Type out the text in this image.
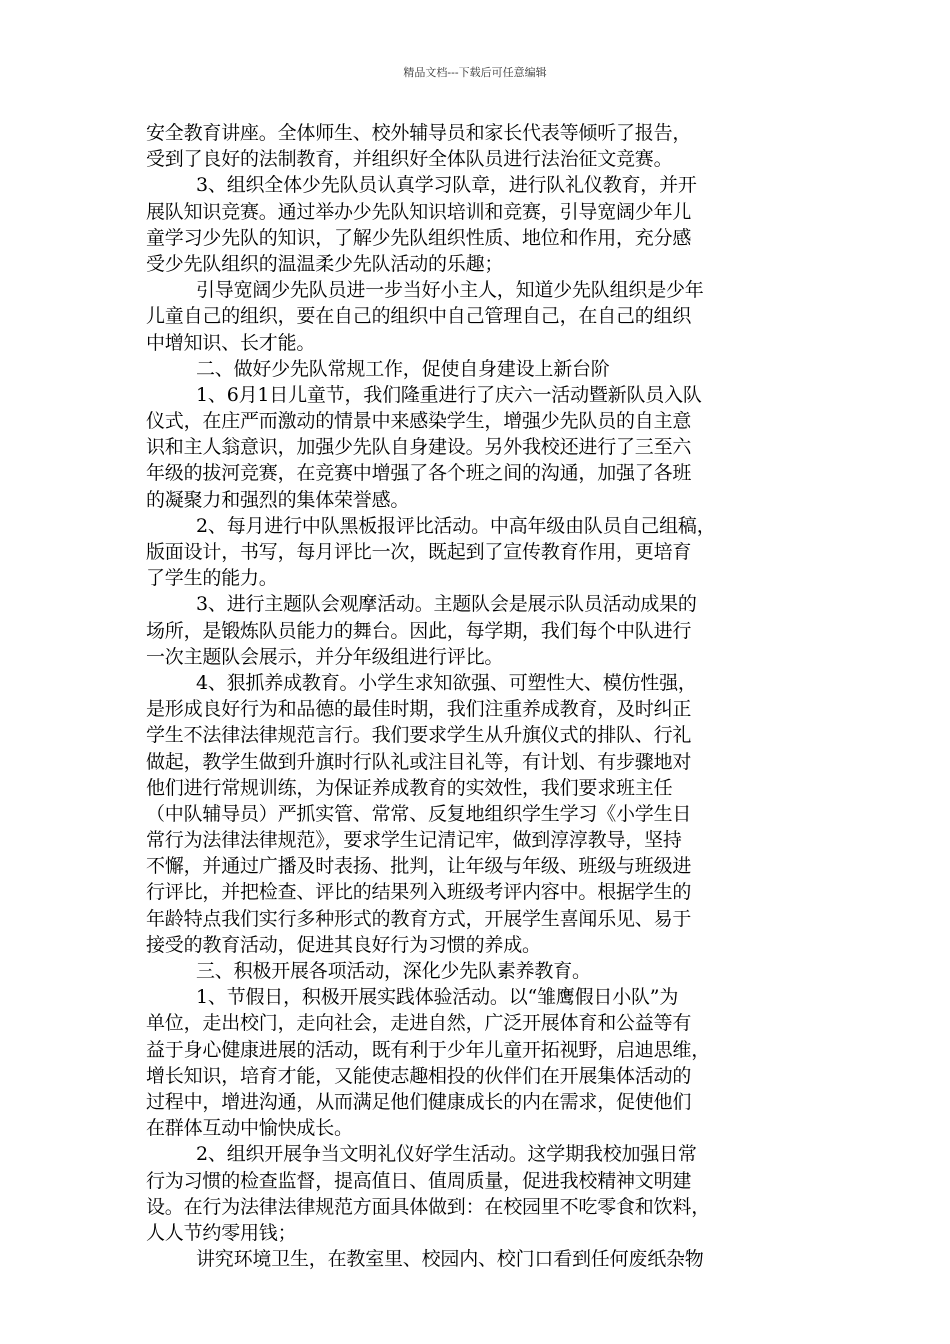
精品文档---下载后可任意编辑
安全教育讲座。全体师生、校外辅导员和家长代表等倾听了报告，
受到了良好的法制教育，并组织好全体队员进行法治征文竞赛。
3、组织全体少先队员认真学习队章，进行队礼仪教育，并开
展队知识竞赛。通过举办少先队知识培训和竞赛，引导宽阔少年儿
童学习少先队的知识，了解少先队组织性质、地位和作用，充分感
受少先队组织的温温柔少先队活动的乐趣；
引导宽阔少先队员进一步当好小主人，知道少先队组织是少年
儿童自己的组织，要在自己的组织中自己管理自己，在自己的组织
中增知识、长才能。
二、做好少先队常规工作，促使自身建设上新台阶
1、6月1日儿童节，我们隆重进行了庆六一活动暨新队员入队
仪式，在庄严而激动的情景中来感染学生，增强少先队员的自主意
识和主人翁意识，加强少先队自身建设。另外我校还进行了三至六
年级的拔河竞赛，在竞赛中增强了各个班之间的沟通，加强了各班
的凝聚力和强烈的集体荣誉感。
2、每月进行中队黑板报评比活动。中高年级由队员自己组稿，
版面设计，书写，每月评比一次，既起到了宣传教育作用，更培育
了学生的能力。
3、进行主题队会观摩活动。主题队会是展示队员活动成果的
场所，是锻炼队员能力的舞台。因此，每学期，我们每个中队进行
一次主题队会展示，并分年级组进行评比。
4、狠抓养成教育。小学生求知欲强、可塑性大、模仿性强，
是形成良好行为和品德的最佳时期，我们注重养成教育，及时纠正
学生不法律法律规范言行。我们要求学生从升旗仪式的排队、行礼
做起，教学生做到升旗时行队礼或注目礼等，有计划、有步骤地对
他们进行常规训练，为保证养成教育的实效性，我们要求班主任
（中队辅导员）严抓实管、常常、反复地组织学生学习《小学生日
常行为法律法律规范》，要求学生记清记牢，做到淳淳教导，坚持
不懈，并通过广播及时表扬、批判，让年级与年级、班级与班级进
行评比，并把检查、评比的结果列入班级考评内容中。根据学生的
年龄特点我们实行多种形式的教育方式，开展学生喜闻乐见、易于
接受的教育活动，促进其良好行为习惯的养成。
三、积极开展各项活动，深化少先队素养教育。
1、节假日，积极开展实践体验活动。以“雏鹰假日小队”为
单位，走出校门，走向社会，走进自然，广泛开展体育和公益等有
益于身心健康进展的活动，既有利于少年儿童开拓视野，启迪思维，
增长知识，培育才能，又能使志趣相投的伙伴们在开展集体活动的
过程中，增进沟通，从而满足他们健康成长的内在需求，促使他们
在群体互动中愉快成长。
2、组织开展争当文明礼仪好学生活动。这学期我校加强日常
行为习惯的检查监督，提高值日、值周质量，促进我校精神文明建
设。在行为法律法律规范方面具体做到：在校园里不吃零食和饮料，
人人节约零用钱；
讲究环境卫生，在教室里、校园内、校门口看到任何废纸杂物
